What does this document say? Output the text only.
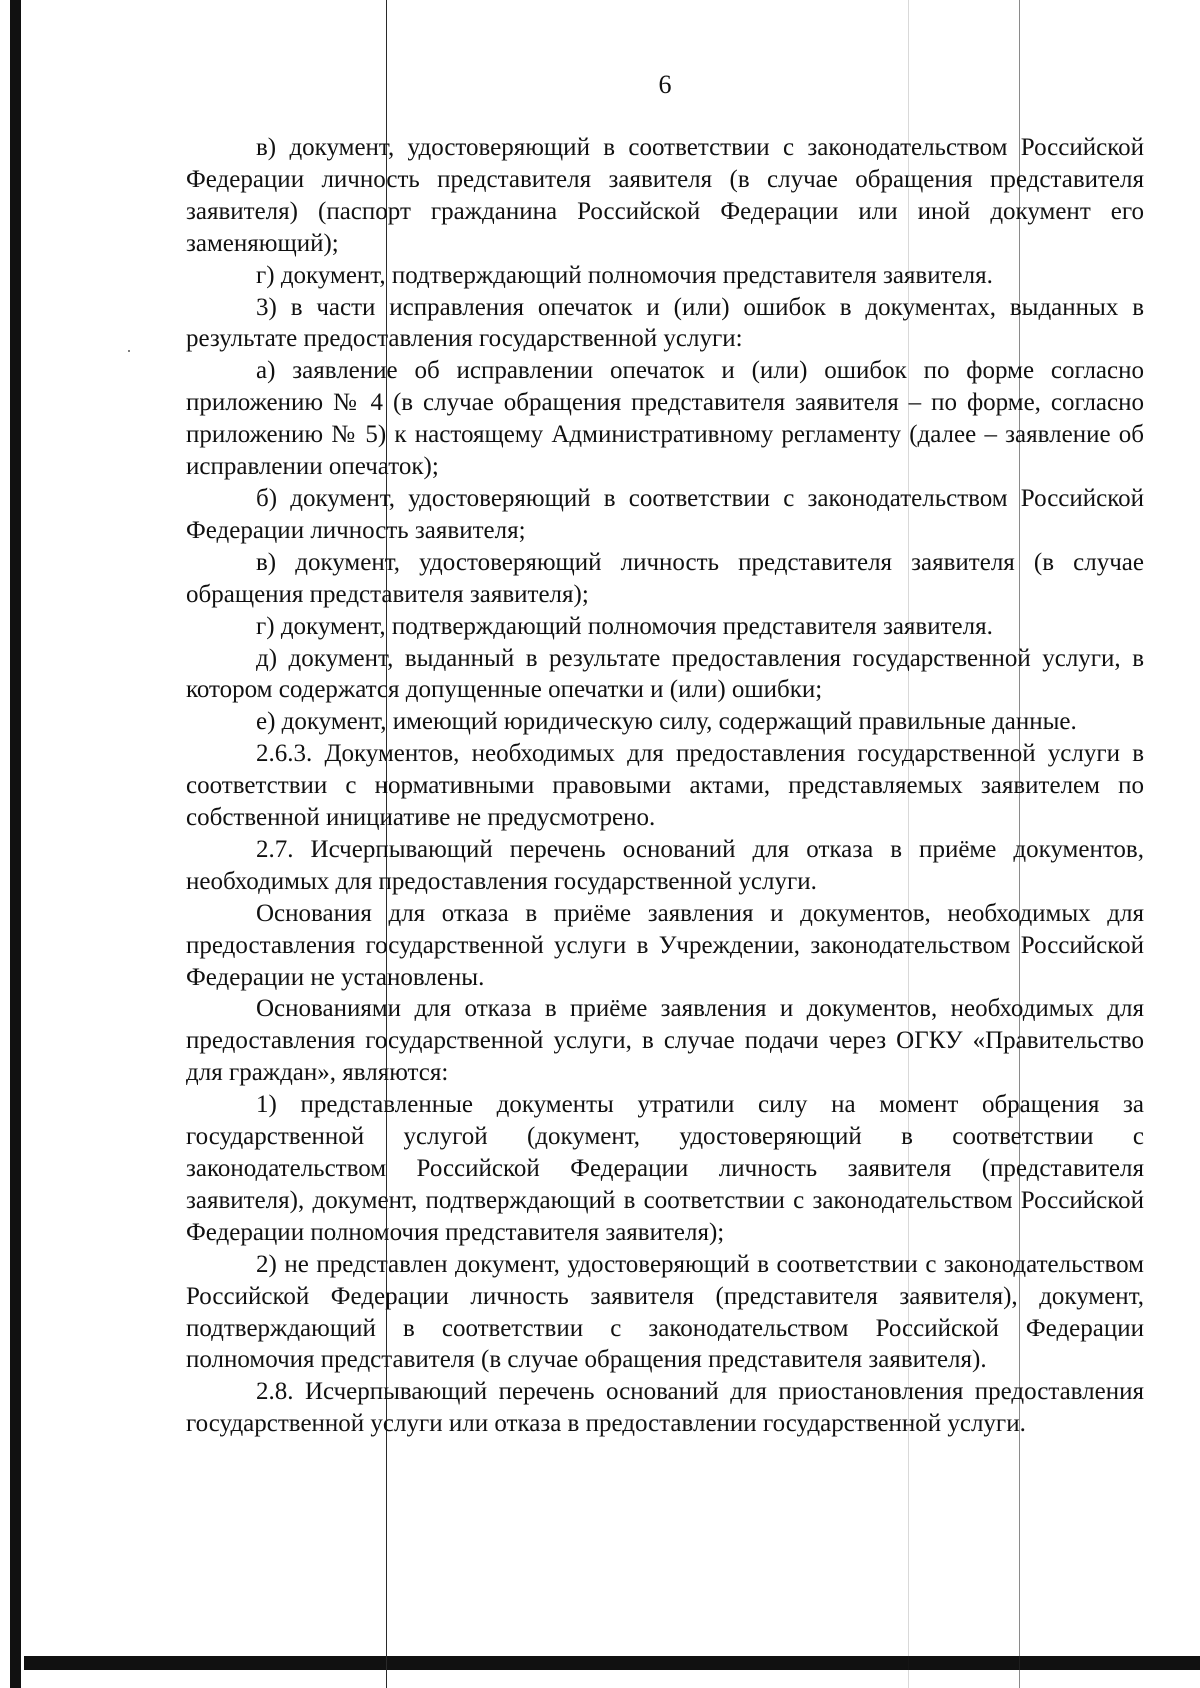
6

в) документ, удостоверяющий в соответствии с законодательством Российской Федерации личность представителя заявителя (в случае обращения представителя заявителя) (паспорт гражданина Российской Федерации или иной документ его заменяющий);

г) документ, подтверждающий полномочия представителя заявителя.

3) в части исправления опечаток и (или) ошибок в документах, выданных в результате предоставления государственной услуги:

а) заявление об исправлении опечаток и (или) ошибок по форме согласно приложению № 4 (в случае обращения представителя заявителя – по форме, согласно приложению № 5) к настоящему Административному регламенту (далее – заявление об исправлении опечаток);

б) документ, удостоверяющий в соответствии с законодательством Российской Федерации личность заявителя;

в) документ, удостоверяющий личность представителя заявителя (в случае обращения представителя заявителя);

г) документ, подтверждающий полномочия представителя заявителя.

д) документ, выданный в результате предоставления государственной услуги, в котором содержатся допущенные опечатки и (или) ошибки;

е) документ, имеющий юридическую силу, содержащий правильные данные.

2.6.3. Документов, необходимых для предоставления государственной услуги в соответствии с нормативными правовыми актами, представляемых заявителем по собственной инициативе не предусмотрено.

2.7. Исчерпывающий перечень оснований для отказа в приёме документов, необходимых для предоставления государственной услуги.

Основания для отказа в приёме заявления и документов, необходимых для предоставления государственной услуги в Учреждении, законодательством Российской Федерации не установлены.

Основаниями для отказа в приёме заявления и документов, необходимых для предоставления государственной услуги, в случае подачи через ОГКУ «Правительство для граждан», являются:

1) представленные документы утратили силу на момент обращения за государственной услугой (документ, удостоверяющий в соответствии с законодательством Российской Федерации личность заявителя (представителя заявителя), документ, подтверждающий в соответствии с законодательством Российской Федерации полномочия представителя заявителя);

2) не представлен документ, удостоверяющий в соответствии с законодательством Российской Федерации личность заявителя (представителя заявителя), документ, подтверждающий в соответствии с законодательством Российской Федерации полномочия представителя (в случае обращения представителя заявителя).

2.8. Исчерпывающий перечень оснований для приостановления предоставления государственной услуги или отказа в предоставлении государственной услуги.
